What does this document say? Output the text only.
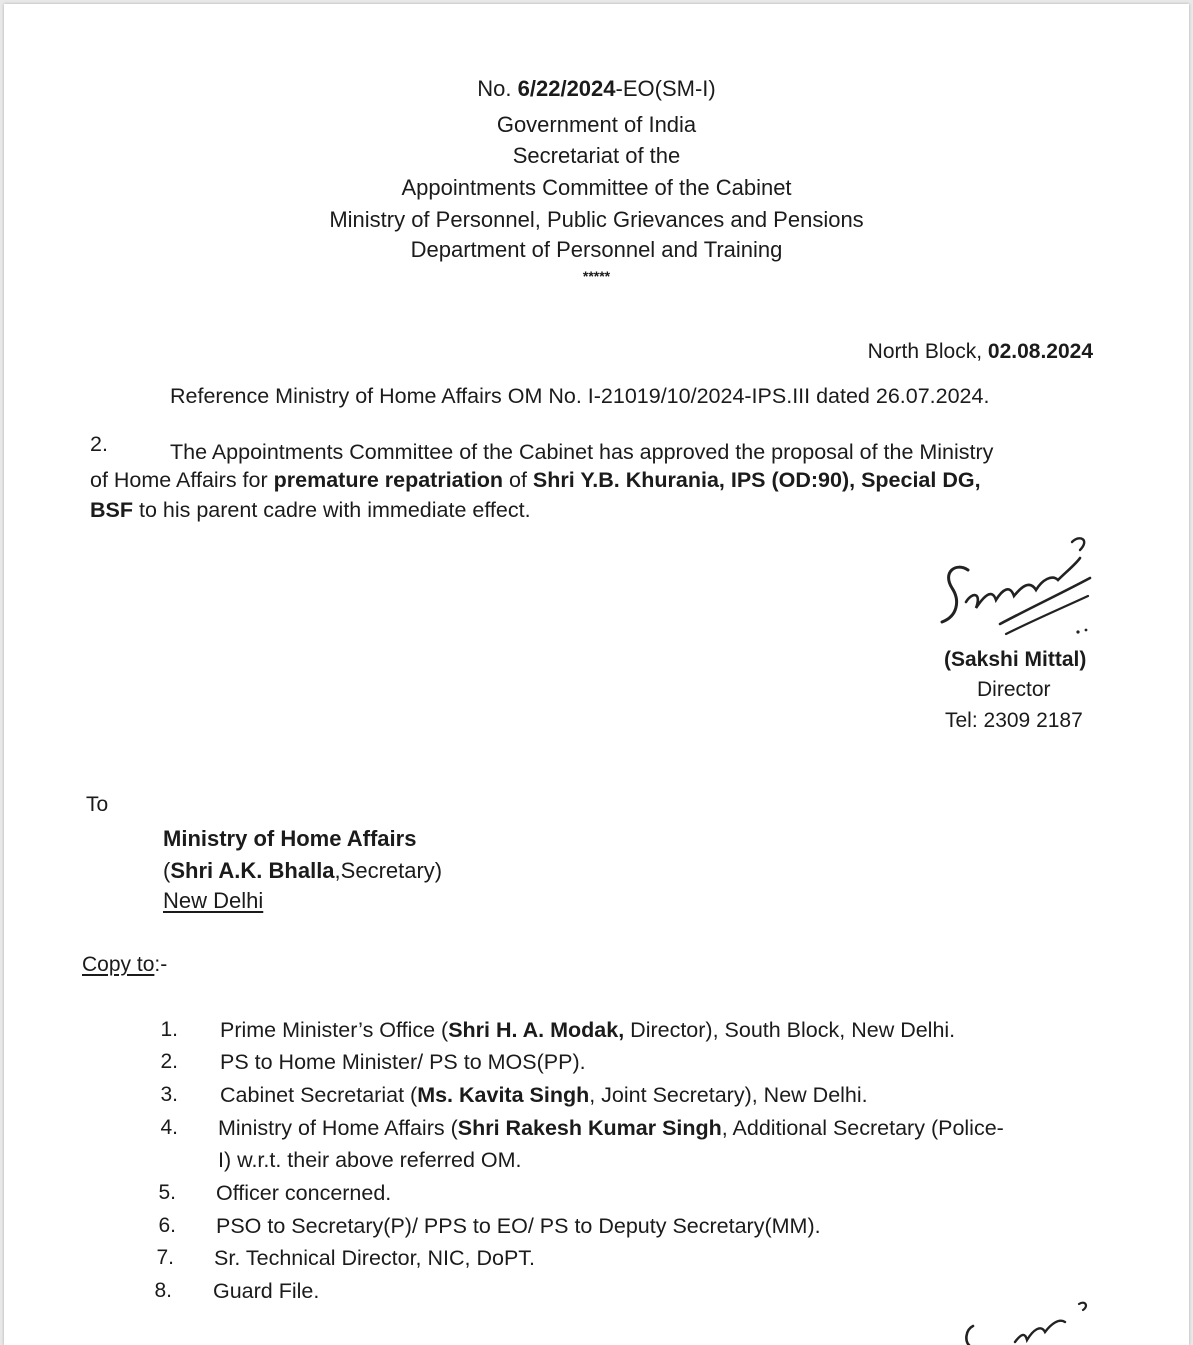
No. 6/22/2024-EO(SM-I)
Government of India
Secretariat of the
Appointments Committee of the Cabinet
Ministry of Personnel, Public Grievances and Pensions
Department of Personnel and Training
*****
North Block, 02.08.2024
Reference Ministry of Home Affairs OM No. I-21019/10/2024-IPS.III dated 26.07.2024.
2.	The Appointments Committee of the Cabinet has approved the proposal of the Ministry
of Home Affairs for premature repatriation of Shri Y.B. Khurania, IPS (OD:90), Special DG,
BSF to his parent cadre with immediate effect.
(Sakshi Mittal)
Director
Tel: 2309 2187
To
Ministry of Home Affairs
(Shri A.K. Bhalla,Secretary)
New Delhi
Copy to:-
1. Prime Minister’s Office (Shri H. A. Modak, Director), South Block, New Delhi.
2. PS to Home Minister/ PS to MOS(PP).
3. Cabinet Secretariat (Ms. Kavita Singh, Joint Secretary), New Delhi.
4. Ministry of Home Affairs (Shri Rakesh Kumar Singh, Additional Secretary (Police-
I) w.r.t. their above referred OM.
5. Officer concerned.
6. PSO to Secretary(P)/ PPS to EO/ PS to Deputy Secretary(MM).
7. Sr. Technical Director, NIC, DoPT.
8. Guard File.
